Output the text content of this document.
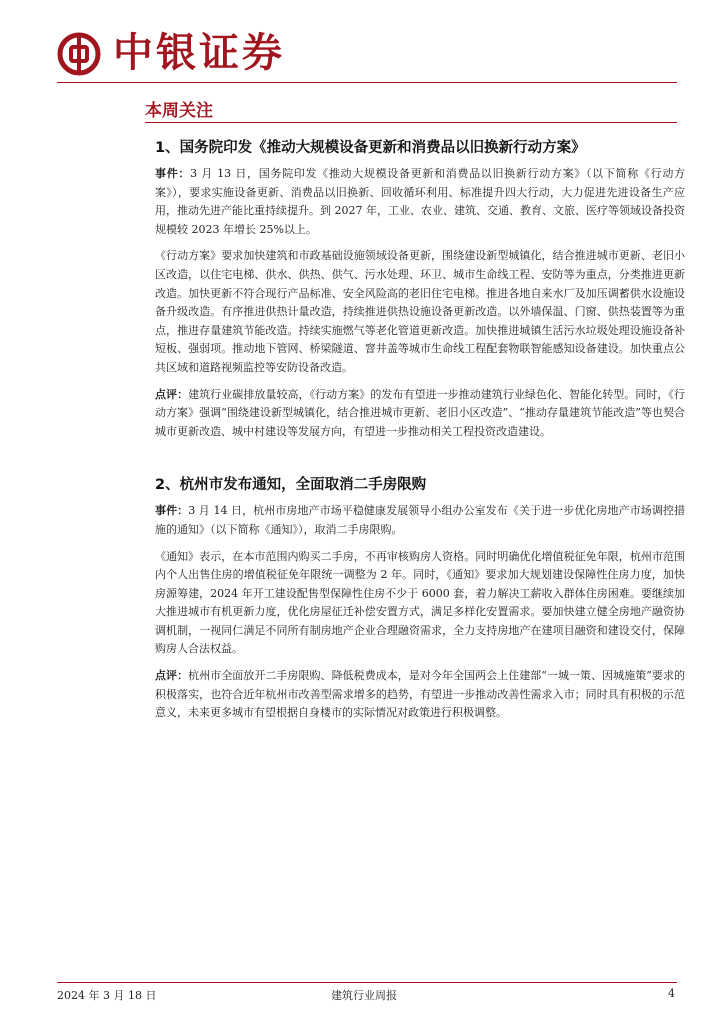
中银证券
本周关注
1、国务院印发《推动大规模设备更新和消费品以旧换新行动方案》

事件：3 月 13 日，国务院印发《推动大规模设备更新和消费品以旧换新行动方案》（以下简称《行动方案》），要求实施设备更新、消费品以旧换新、回收循环利用、标准提升四大行动，大力促进先进设备生产应用，推动先进产能比重持续提升。到 2027 年，工业、农业、建筑、交通、教育、文旅、医疗等领域设备投资规模较 2023 年增长 25%以上。

《行动方案》要求加快建筑和市政基础设施领域设备更新，围绕建设新型城镇化，结合推进城市更新、老旧小区改造，以住宅电梯、供水、供热、供气、污水处理、环卫、城市生命线工程、安防等为重点，分类推进更新改造。加快更新不符合现行产品标准、安全风险高的老旧住宅电梯。推进各地自来水厂及加压调蓄供水设施设备升级改造。有序推进供热计量改造，持续推进供热设施设备更新改造。以外墙保温、门窗、供热装置等为重点，推进存量建筑节能改造。持续实施燃气等老化管道更新改造。加快推进城镇生活污水垃圾处理设施设备补短板、强弱项。推动地下管网、桥梁隧道、窨井盖等城市生命线工程配套物联智能感知设备建设。加快重点公共区域和道路视频监控等安防设备改造。

点评：建筑行业碳排放量较高，《行动方案》的发布有望进一步推动建筑行业绿色化、智能化转型。同时，《行动方案》强调“围绕建设新型城镇化，结合推进城市更新、老旧小区改造”、“推动存量建筑节能改造”等也契合城市更新改造、城中村建设等发展方向，有望进一步推动相关工程投资改造建设。

2、杭州市发布通知，全面取消二手房限购

事件：3 月 14 日，杭州市房地产市场平稳健康发展领导小组办公室发布《关于进一步优化房地产市场调控措施的通知》（以下简称《通知》），取消二手房限购。

《通知》表示，在本市范围内购买二手房，不再审核购房人资格。同时明确优化增值税征免年限，杭州市范围内个人出售住房的增值税征免年限统一调整为 2 年。同时，《通知》要求加大规划建设保障性住房力度，加快房源筹建，2024 年开工建设配售型保障性住房不少于 6000 套，着力解决工薪收入群体住房困难。要继续加大推进城市有机更新力度，优化房屋征迁补偿安置方式，满足多样化安置需求。要加快建立健全房地产融资协调机制，一视同仁满足不同所有制房地产企业合理融资需求，全力支持房地产在建项目融资和建设交付，保障购房人合法权益。

点评：杭州市全面放开二手房限购、降低税费成本，是对今年全国两会上住建部“一城一策、因城施策”要求的积极落实，也符合近年杭州市改善型需求增多的趋势，有望进一步推动改善性需求入市；同时具有积极的示范意义，未来更多城市有望根据自身楼市的实际情况对政策进行积极调整。

2024 年 3 月 18 日	建筑行业周报	4
